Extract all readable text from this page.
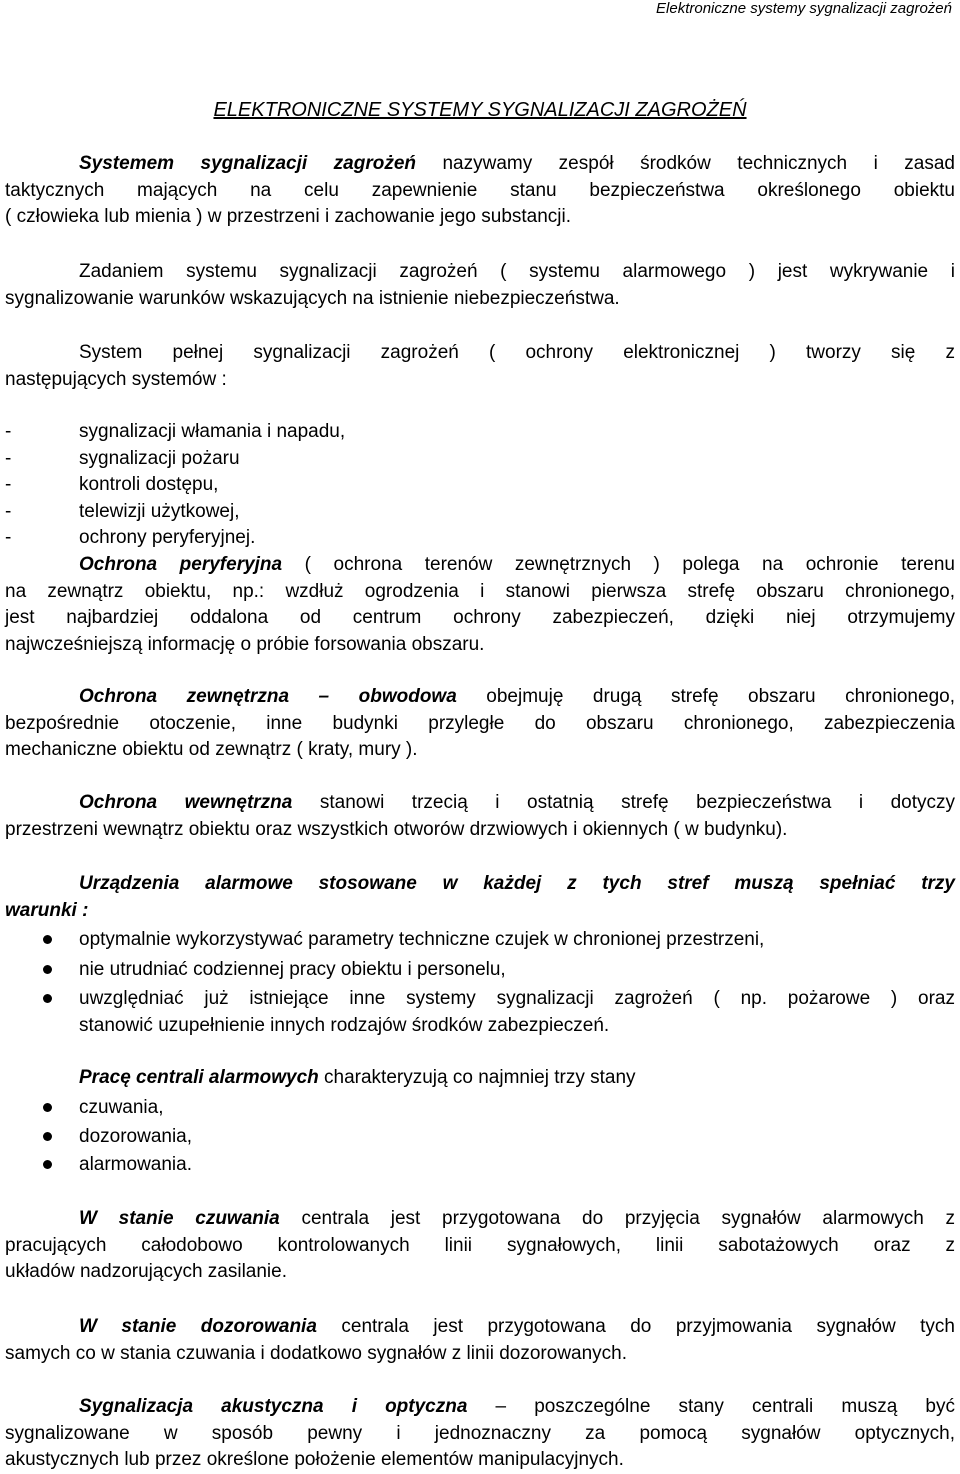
Elektroniczne systemy sygnalizacji zagrożeń
ELEKTRONICZNE SYSTEMY SYGNALIZACJI ZAGROŻEŃ
Systemem sygnalizacji zagrożeń nazywamy zespół środków technicznych i zasad
taktycznych mających na celu zapewnienie stanu bezpieczeństwa określonego obiektu
( człowieka lub mienia ) w przestrzeni i zachowanie jego substancji.
Zadaniem systemu sygnalizacji zagrożeń ( systemu alarmowego ) jest wykrywanie i
sygnalizowanie warunków wskazujących na istnienie niebezpieczeństwa.
System pełnej sygnalizacji zagrożeń ( ochrony elektronicznej ) tworzy się z
następujących systemów :
-	sygnalizacji włamania i napadu,
-	sygnalizacji pożaru
-	kontroli dostępu,
-	telewizji użytkowej,
-	ochrony peryferyjnej.
Ochrona peryferyjna ( ochrona terenów zewnętrznych ) polega na ochronie terenu
na zewnątrz obiektu, np.: wzdłuż ogrodzenia i stanowi pierwsza strefę obszaru chronionego,
jest najbardziej oddalona od centrum ochrony zabezpieczeń, dzięki niej otrzymujemy
najwcześniejszą informację o próbie forsowania obszaru.
Ochrona zewnętrzna – obwodowa obejmuję drugą strefę obszaru chronionego,
bezpośrednie otoczenie, inne budynki przyległe do obszaru chronionego, zabezpieczenia
mechaniczne obiektu od zewnątrz ( kraty, mury ).
Ochrona wewnętrzna stanowi trzecią i ostatnią strefę bezpieczeństwa i dotyczy
przestrzeni wewnątrz obiektu oraz wszystkich otworów drzwiowych i okiennych ( w budynku).
Urządzenia alarmowe stosowane w każdej z tych stref muszą spełniać trzy
warunki :
optymalnie wykorzystywać parametry techniczne czujek w chronionej przestrzeni,
nie utrudniać codziennej pracy obiektu i personelu,
uwzględniać już istniejące inne systemy sygnalizacji zagrożeń ( np. pożarowe ) oraz
stanowić uzupełnienie innych rodzajów środków zabezpieczeń.
Pracę centrali alarmowych charakteryzują co najmniej trzy stany
czuwania,
dozorowania,
alarmowania.
W stanie czuwania centrala jest przygotowana do przyjęcia sygnałów alarmowych z
pracujących całodobowo kontrolowanych linii sygnałowych, linii sabotażowych oraz z
układów nadzorujących zasilanie.
W stanie dozorowania centrala jest przygotowana do przyjmowania sygnałów tych
samych co w stania czuwania i dodatkowo sygnałów z linii dozorowanych.
Sygnalizacja akustyczna i optyczna – poszczególne stany centrali muszą być
sygnalizowane w sposób pewny i jednoznaczny za pomocą sygnałów optycznych,
akustycznych lub przez określone położenie elementów manipulacyjnych.
